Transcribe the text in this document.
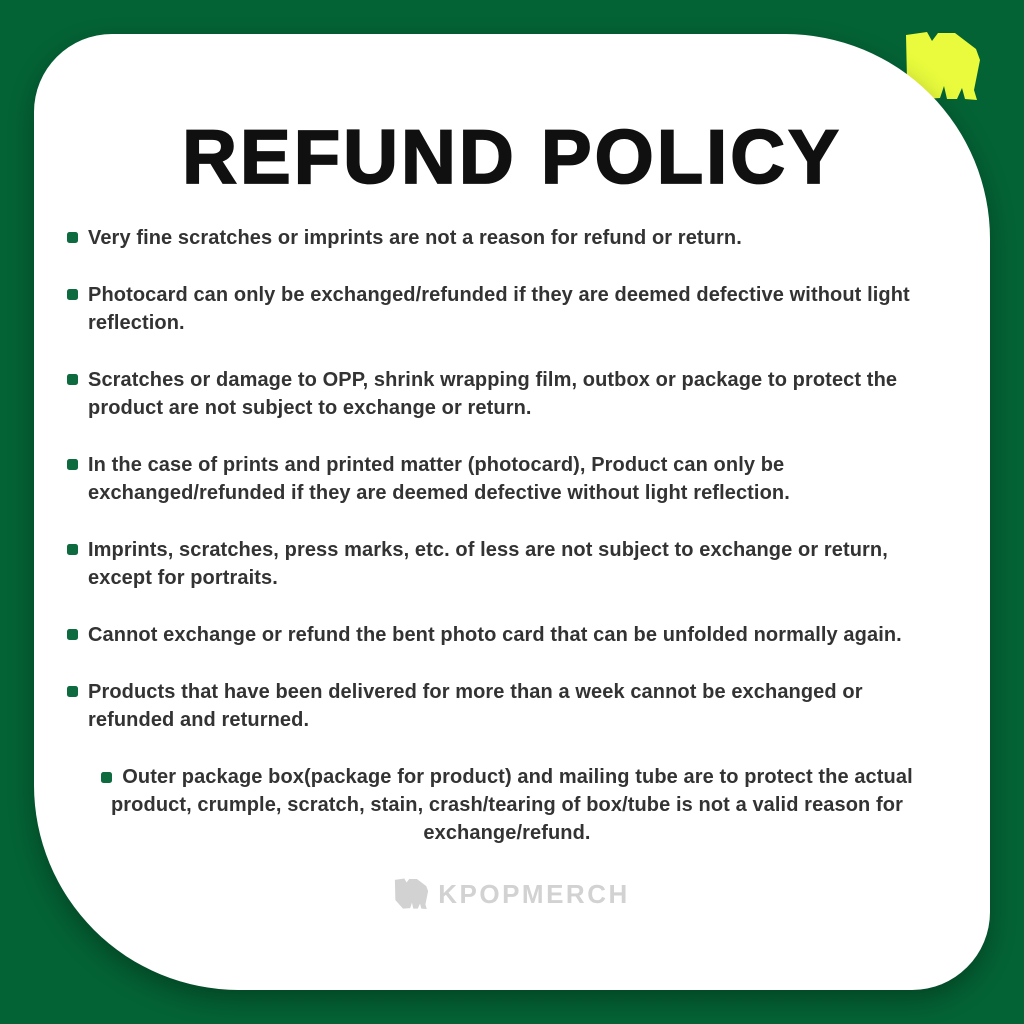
REFUND POLICY

Very fine scratches or imprints are not a reason for refund or return.

Photocard can only be exchanged/refunded if they are deemed defective without light reflection.

Scratches or damage to OPP, shrink wrapping film, outbox or package to protect the product are not subject to exchange or return.

In the case of prints and printed matter (photocard), Product can only be exchanged/refunded if they are deemed defective without light reflection.

Imprints, scratches, press marks, etc. of less are not subject to exchange or return, except for portraits.

Cannot exchange or refund the bent photo card that can be unfolded normally again.

Products that have been delivered for more than a week cannot be exchanged or refunded and returned.

Outer package box(package for product) and mailing tube are to protect the actual product, crumple, scratch, stain, crash/tearing of box/tube is not a valid reason for exchange/refund.

KPOPMERCH
